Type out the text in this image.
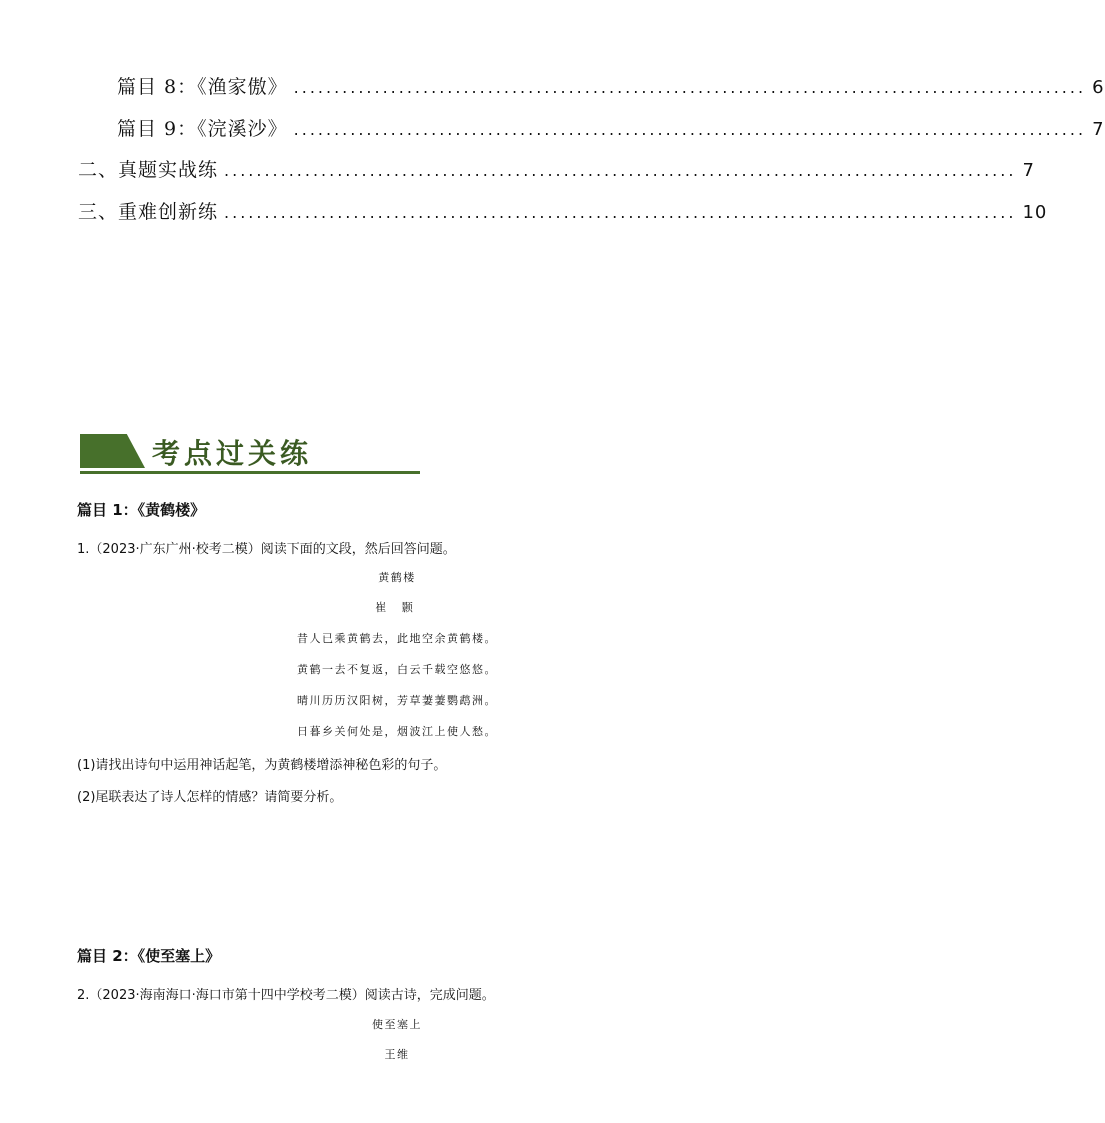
篇目 8：《渔家傲》 .................................................................................................. 6
篇目 9：《浣溪沙》 .................................................................................................. 7
二、真题实战练 .................................................................................................. 7
三、重难创新练 .................................................................................................. 10
考点过关练
篇目 1：《黄鹤楼》
1.（2023·广东广州·校考二模）阅读下面的文段，然后回答问题。
黄鹤楼
崔 颢
昔人已乘黄鹤去，此地空余黄鹤楼。
黄鹤一去不复返，白云千载空悠悠。
晴川历历汉阳树，芳草萋萋鹦鹉洲。
日暮乡关何处是，烟波江上使人愁。
(1)请找出诗句中运用神话起笔，为黄鹤楼增添神秘色彩的句子。
(2)尾联表达了诗人怎样的情感？请简要分析。
篇目 2：《使至塞上》
2.（2023·海南海口·海口市第十四中学校考二模）阅读古诗，完成问题。
使至塞上
王维
